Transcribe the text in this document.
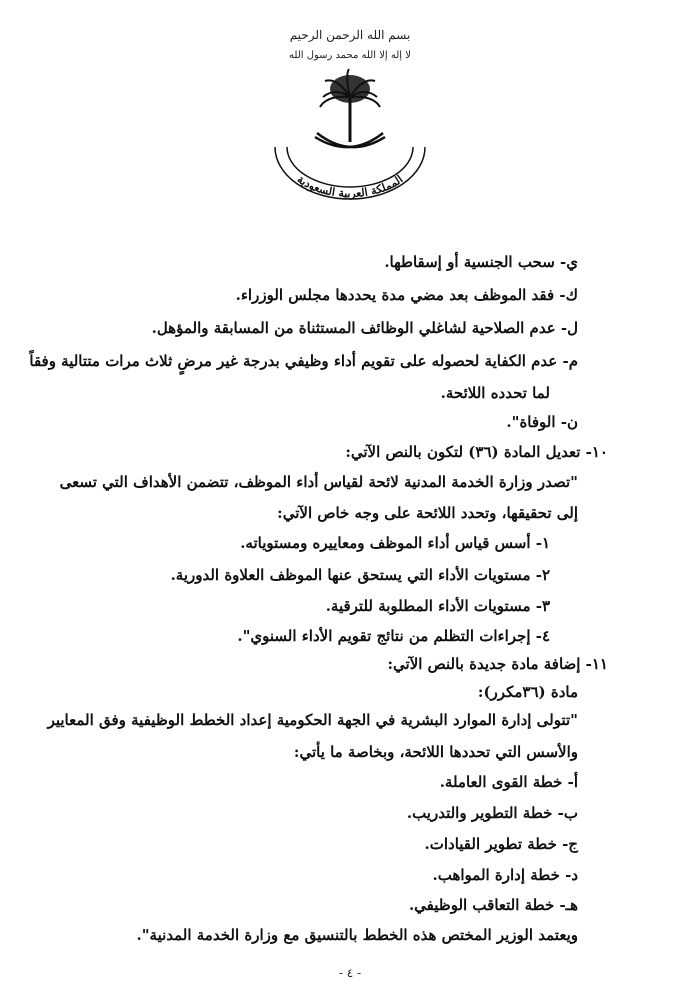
بسم الله الرحمن الرحيم
لا إله إلا الله محمد رسول الله
المملكة العربية السعودية
ي- سحب الجنسية أو إسقاطها.
ك- فقد الموظف بعد مضي مدة يحددها مجلس الوزراء.
ل- عدم الصلاحية لشاغلي الوظائف المستثناة من المسابقة والمؤهل.
م- عدم الكفاية لحصوله على تقويم أداء وظيفي بدرجة غير مرضٍ ثلاث مرات متتالية وفقاً
لما تحدده اللائحة.
ن- الوفاة".
١٠- تعديل المادة (٣٦) لتكون بالنص الآتي:
"تصدر وزارة الخدمة المدنية لائحة لقياس أداء الموظف، تتضمن الأهداف التي تسعى
إلى تحقيقها، وتحدد اللائحة على وجه خاص الآتي:
١- أسس قياس أداء الموظف ومعاييره ومستوياته.
٢- مستويات الأداء التي يستحق عنها الموظف العلاوة الدورية.
٣- مستويات الأداء المطلوبة للترقية.
٤- إجراءات التظلم من نتائج تقويم الأداء السنوي".
١١- إضافة مادة جديدة بالنص الآتي:
مادة (٣٦مكرر):
"تتولى إدارة الموارد البشرية في الجهة الحكومية إعداد الخطط الوظيفية وفق المعايير
والأسس التي تحددها اللائحة، وبخاصة ما يأتي:
أ- خطة القوى العاملة.
ب- خطة التطوير والتدريب.
ج- خطة تطوير القيادات.
د- خطة إدارة المواهب.
هـ- خطة التعاقب الوظيفي.
ويعتمد الوزير المختص هذه الخطط بالتنسيق مع وزارة الخدمة المدنية".
- ٤ -
